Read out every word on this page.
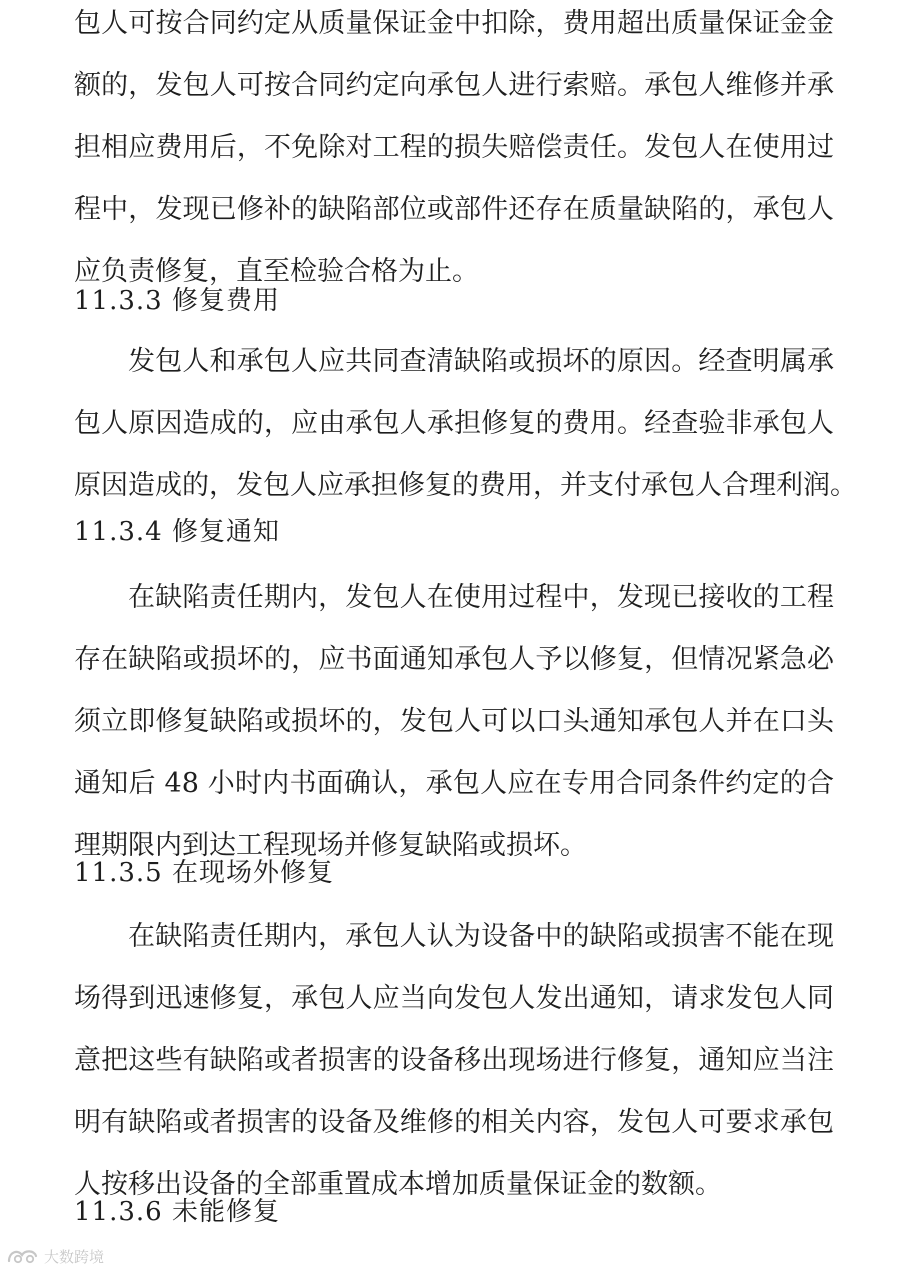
包人可按合同约定从质量保证金中扣除，费用超出质量保证金金
额的，发包人可按合同约定向承包人进行索赔。承包人维修并承
担相应费用后，不免除对工程的损失赔偿责任。发包人在使用过
程中，发现已修补的缺陷部位或部件还存在质量缺陷的，承包人
应负责修复，直至检验合格为止。
11.3.3 修复费用
发包人和承包人应共同查清缺陷或损坏的原因。经查明属承
包人原因造成的，应由承包人承担修复的费用。经查验非承包人
原因造成的，发包人应承担修复的费用，并支付承包人合理利润。
11.3.4 修复通知
在缺陷责任期内，发包人在使用过程中，发现已接收的工程
存在缺陷或损坏的，应书面通知承包人予以修复，但情况紧急必
须立即修复缺陷或损坏的，发包人可以口头通知承包人并在口头
通知后 48 小时内书面确认，承包人应在专用合同条件约定的合
理期限内到达工程现场并修复缺陷或损坏。
11.3.5 在现场外修复
在缺陷责任期内，承包人认为设备中的缺陷或损害不能在现
场得到迅速修复，承包人应当向发包人发出通知，请求发包人同
意把这些有缺陷或者损害的设备移出现场进行修复，通知应当注
明有缺陷或者损害的设备及维修的相关内容，发包人可要求承包
人按移出设备的全部重置成本增加质量保证金的数额。
11.3.6 未能修复
大数跨境
